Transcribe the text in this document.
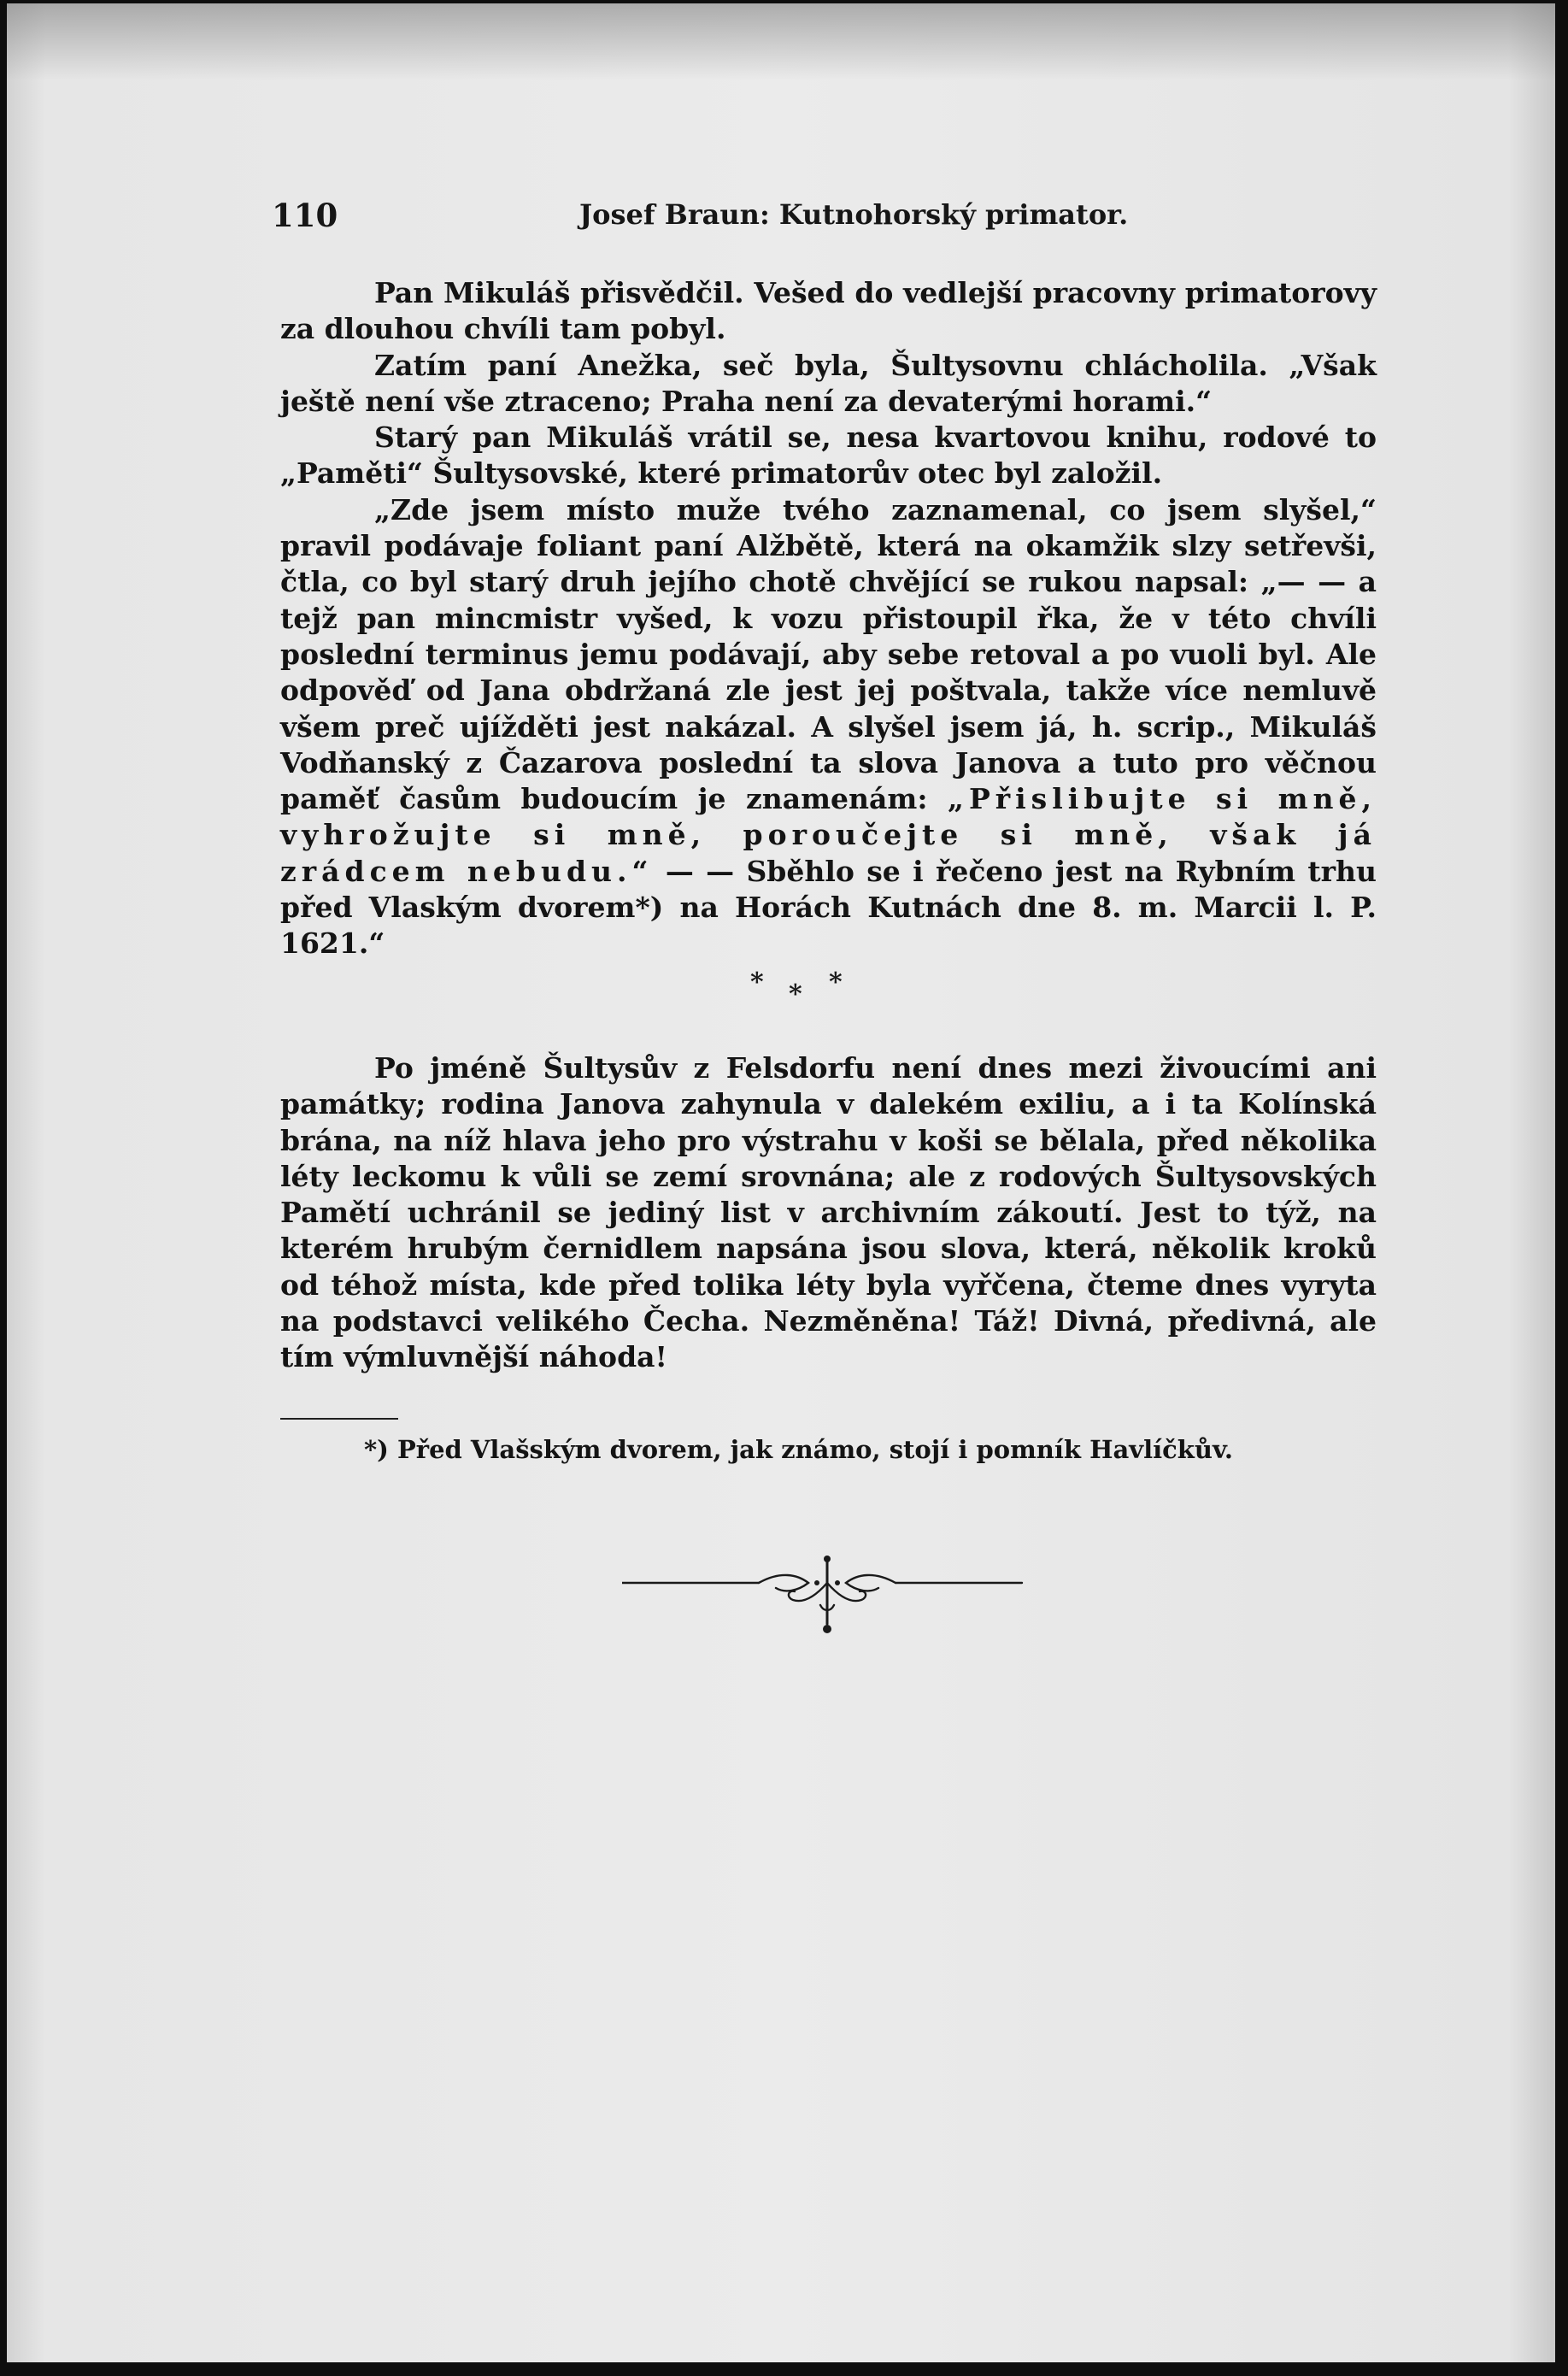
110	Josef Braun: Kutnohorský primator.

Pan Mikuláš přisvědčil. Vešed do vedlejší pracovny primatorovy za dlouhou chvíli tam pobyl.

Zatím paní Anežka, seč byla, Šultysovnu chlácholila. „Však ještě není vše ztraceno; Praha není za devaterými horami.“

Starý pan Mikuláš vrátil se, nesa kvartovou knihu, rodové to „Paměti“ Šultysovské, které primatorův otec byl založil.

„Zde jsem místo muže tvého zaznamenal, co jsem slyšel,“ pravil podávaje foliant paní Alžbětě, která na okamžik slzy setřevši, čtla, co byl starý druh jejího chotě chvějící se rukou napsal: „— — a tejž pan mincmistr vyšed, k vozu přistoupil řka, že v této chvíli poslední terminus jemu podávají, aby sebe retoval a po vuoli byl. Ale odpověď od Jana obdržaná zle jest jej poštvala, takže více nemluvě všem preč ujížděti jest nakázal. A slyšel jsem já, h. scrip., Mikuláš Vodňanský z Čazarova poslední ta slova Janova a tuto pro věčnou paměť časům budoucím je znamenám: „Přislibujte si mně, vyhrožujte si mně, poroučejte si mně, však já zrádcem nebudu.“ — — Sběhlo se i řečeno jest na Rybním trhu před Vlaským dvorem*) na Horách Kutnách dne 8. m. Marcii l. P. 1621.“

* * *

Po jméně Šultysův z Felsdorfu není dnes mezi živoucími ani památky; rodina Janova zahynula v dalekém exiliu, a i ta Kolínská brána, na níž hlava jeho pro výstrahu v koši se bělala, před několika léty leckomu k vůli se zemí srovnána; ale z rodových Šultysovských Pamětí uchránil se jediný list v archivním zákoutí. Jest to týž, na kterém hrubým černidlem napsána jsou slova, která, několik kroků od téhož místa, kde před tolika léty byla vyřčena, čteme dnes vyryta na podstavci velikého Čecha. Nezměněna! Táž! Divná, předivná, ale tím výmluvnější náhoda!

*) Před Vlašským dvorem, jak známo, stojí i pomník Havlíčkův.
